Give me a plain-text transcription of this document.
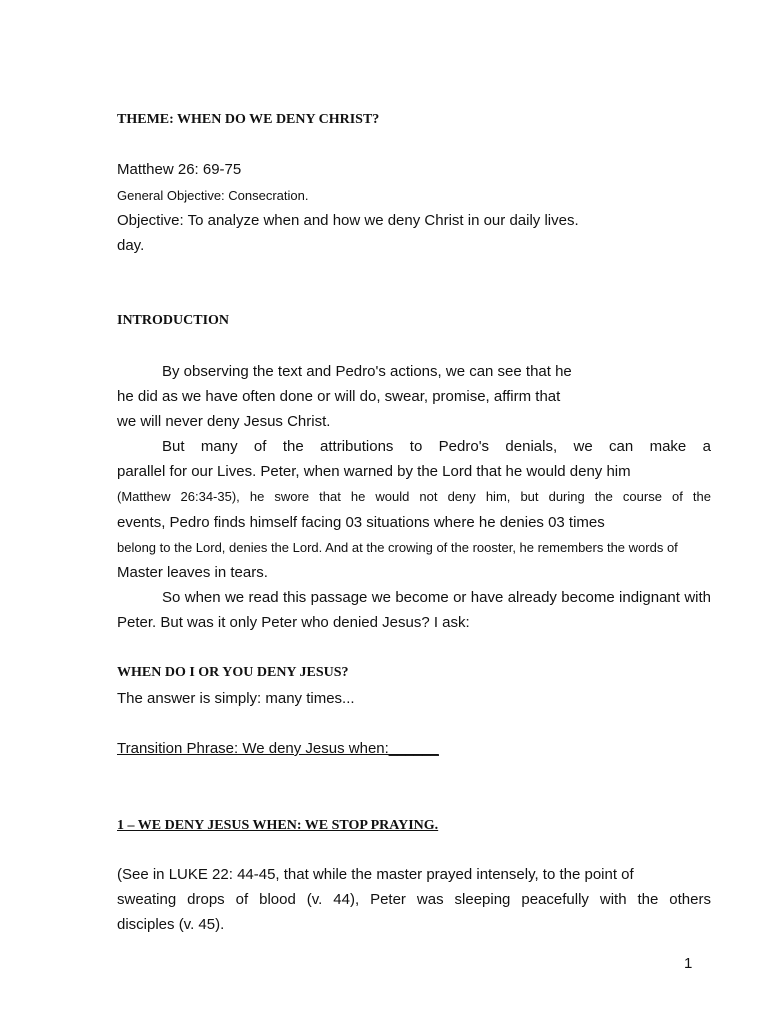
THEME: WHEN DO WE DENY CHRIST?
Matthew 26: 69-75
General Objective: Consecration.
Objective: To analyze when and how we deny Christ in our daily lives.
day.
INTRODUCTION
By observing the text and Pedro's actions, we can see that he
he did as we have often done or will do, swear, promise, affirm that
we will never deny Jesus Christ.
But many of the attributions to Pedro's denials, we can make a
parallel for our Lives. Peter, when warned by the Lord that he would deny him
(Matthew 26:34-35), he swore that he would not deny him, but during the course of the
events, Pedro finds himself facing 03 situations where he denies 03 times
belong to the Lord, denies the Lord. And at the crowing of the rooster, he remembers the words of
Master leaves in tears.
So when we read this passage we become or have already become indignant with
Peter. But was it only Peter who denied Jesus? I ask:
WHEN DO I OR YOU DENY JESUS?
The answer is simply: many times...
Transition Phrase: We deny Jesus when:______
1 – WE DENY JESUS WHEN: WE STOP PRAYING.
(See in LUKE 22: 44-45, that while the master prayed intensely, to the point of
sweating drops of blood (v. 44), Peter was sleeping peacefully with the others
disciples (v. 45).
1
